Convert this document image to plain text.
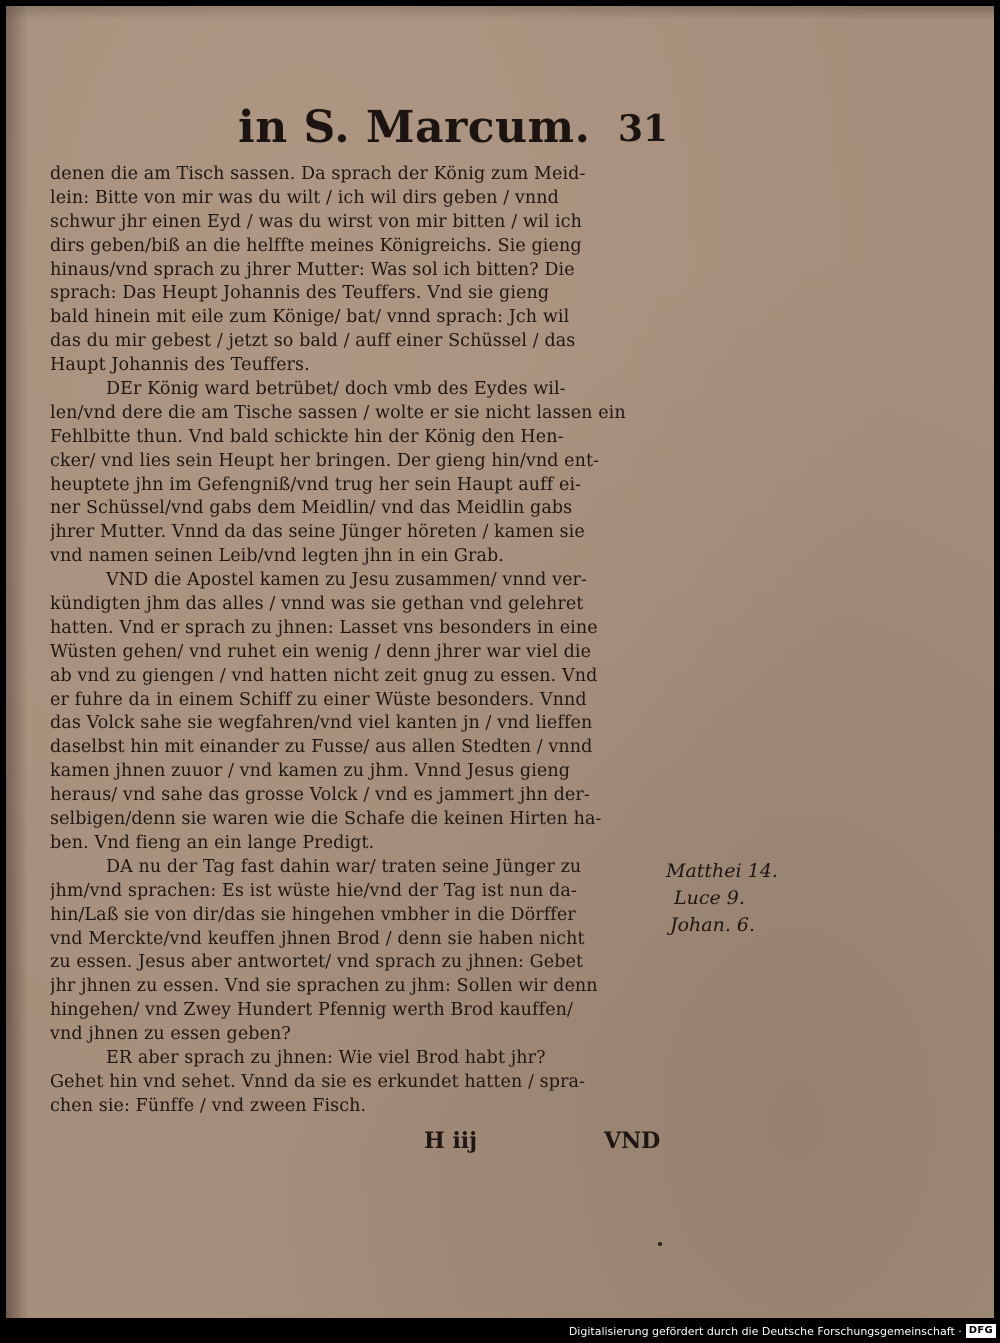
in S. Marcum. 31
denen die am Tisch sassen. Da sprach der König zum Meid-
lein: Bitte von mir was du wilt / ich wil dirs geben / vnnd
schwur jhr einen Eyd / was du wirst von mir bitten / wil ich
dirs geben/biß an die helffte meines Königreichs. Sie gieng
hinaus/vnd sprach zu jhrer Mutter: Was sol ich bitten? Die
sprach: Das Heupt Johannis des Teuffers. Vnd sie gieng
bald hinein mit eile zum Könige/ bat/ vnnd sprach: Jch wil
das du mir gebest / jetzt so bald / auff einer Schüssel / das
Haupt Johannis des Teuffers.
DEr König ward betrübet/ doch vmb des Eydes wil-
len/vnd dere die am Tische sassen / wolte er sie nicht lassen ein
Fehlbitte thun. Vnd bald schickte hin der König den Hen-
cker/ vnd lies sein Heupt her bringen. Der gieng hin/vnd ent-
heuptete jhn im Gefengniß/vnd trug her sein Haupt auff ei-
ner Schüssel/vnd gabs dem Meidlin/ vnd das Meidlin gabs
jhrer Mutter. Vnnd da das seine Jünger höreten / kamen sie
vnd namen seinen Leib/vnd legten jhn in ein Grab.
VND die Apostel kamen zu Jesu zusammen/ vnnd ver-
kündigten jhm das alles / vnnd was sie gethan vnd gelehret
hatten. Vnd er sprach zu jhnen: Lasset vns besonders in eine
Wüsten gehen/ vnd ruhet ein wenig / denn jhrer war viel die
ab vnd zu giengen / vnd hatten nicht zeit gnug zu essen. Vnd
er fuhre da in einem Schiff zu einer Wüste besonders. Vnnd
das Volck sahe sie wegfahren/vnd viel kanten jn / vnd lieffen
daselbst hin mit einander zu Fusse/ aus allen Stedten / vnnd
kamen jhnen zuuor / vnd kamen zu jhm. Vnnd Jesus gieng
heraus/ vnd sahe das grosse Volck / vnd es jammert jhn der-
selbigen/denn sie waren wie die Schafe die keinen Hirten ha-
ben. Vnd fieng an ein lange Predigt.
DA nu der Tag fast dahin war/ traten seine Jünger zu
jhm/vnd sprachen: Es ist wüste hie/vnd der Tag ist nun da-
hin/Laß sie von dir/das sie hingehen vmbher in die Dörffer
vnd Merckte/vnd keuffen jhnen Brod / denn sie haben nicht
zu essen. Jesus aber antwortet/ vnd sprach zu jhnen: Gebet
jhr jhnen zu essen. Vnd sie sprachen zu jhm: Sollen wir denn
hingehen/ vnd Zwey Hundert Pfennig werth Brod kauffen/
vnd jhnen zu essen geben?
ER aber sprach zu jhnen: Wie viel Brod habt jhr?
Gehet hin vnd sehet. Vnnd da sie es erkundet hatten / spra-
chen sie: Fünffe / vnd zween Fisch.
Matthei 14.
Luce 9.
Johan. 6.
H iij	VND
Digitalisierung gefördert durch die Deutsche Forschungsgemeinschaft · DFG
